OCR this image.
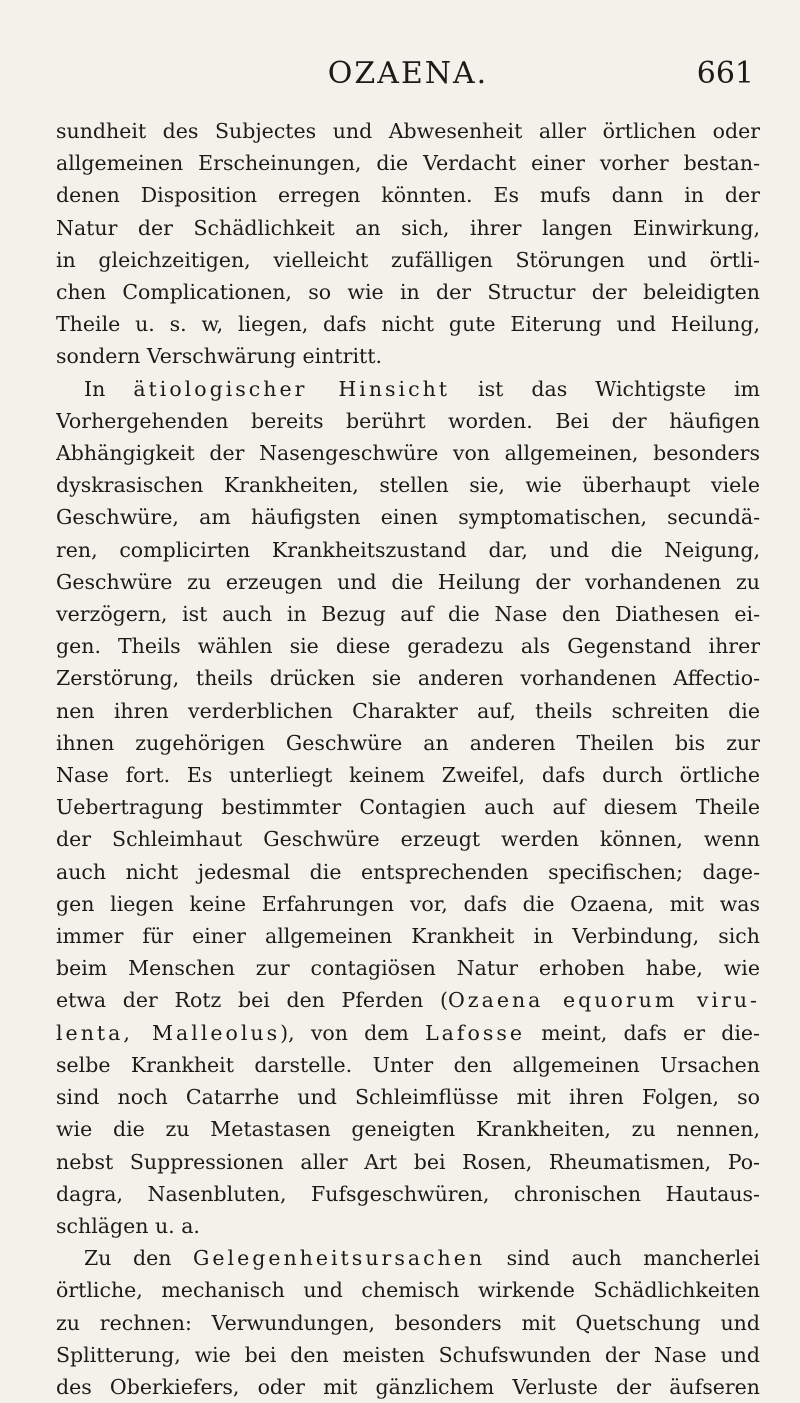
OZAENA.	661
sundheit des Subjectes und Abwesenheit aller örtlichen oder
allgemeinen Erscheinungen, die Verdacht einer vorher bestan-
denen Disposition erregen könnten. Es mufs dann in der
Natur der Schädlichkeit an sich, ihrer langen Einwirkung,
in gleichzeitigen, vielleicht zufälligen Störungen und örtli-
chen Complicationen, so wie in der Structur der beleidigten
Theile u. s. w, liegen, dafs nicht gute Eiterung und Heilung,
sondern Verschwärung eintritt.
In ätiologischer Hinsicht ist das Wichtigste im
Vorhergehenden bereits berührt worden. Bei der häufigen
Abhängigkeit der Nasengeschwüre von allgemeinen, besonders
dyskrasischen Krankheiten, stellen sie, wie überhaupt viele
Geschwüre, am häufigsten einen symptomatischen, secundä-
ren, complicirten Krankheitszustand dar, und die Neigung,
Geschwüre zu erzeugen und die Heilung der vorhandenen zu
verzögern, ist auch in Bezug auf die Nase den Diathesen ei-
gen. Theils wählen sie diese geradezu als Gegenstand ihrer
Zerstörung, theils drücken sie anderen vorhandenen Affectio-
nen ihren verderblichen Charakter auf, theils schreiten die
ihnen zugehörigen Geschwüre an anderen Theilen bis zur
Nase fort. Es unterliegt keinem Zweifel, dafs durch örtliche
Uebertragung bestimmter Contagien auch auf diesem Theile
der Schleimhaut Geschwüre erzeugt werden können, wenn
auch nicht jedesmal die entsprechenden specifischen; dage-
gen liegen keine Erfahrungen vor, dafs die Ozaena, mit was
immer für einer allgemeinen Krankheit in Verbindung, sich
beim Menschen zur contagiösen Natur erhoben habe, wie
etwa der Rotz bei den Pferden (Ozaena equorum viru-
lenta, Malleolus), von dem Lafosse meint, dafs er die-
selbe Krankheit darstelle. Unter den allgemeinen Ursachen
sind noch Catarrhe und Schleimflüsse mit ihren Folgen, so
wie die zu Metastasen geneigten Krankheiten, zu nennen,
nebst Suppressionen aller Art bei Rosen, Rheumatismen, Po-
dagra, Nasenbluten, Fufsgeschwüren, chronischen Hautaus-
schlägen u. a.
Zu den Gelegenheitsursachen sind auch mancherlei
örtliche, mechanisch und chemisch wirkende Schädlichkeiten
zu rechnen: Verwundungen, besonders mit Quetschung und
Splitterung, wie bei den meisten Schufswunden der Nase und
des Oberkiefers, oder mit gänzlichem Verluste der äufseren
